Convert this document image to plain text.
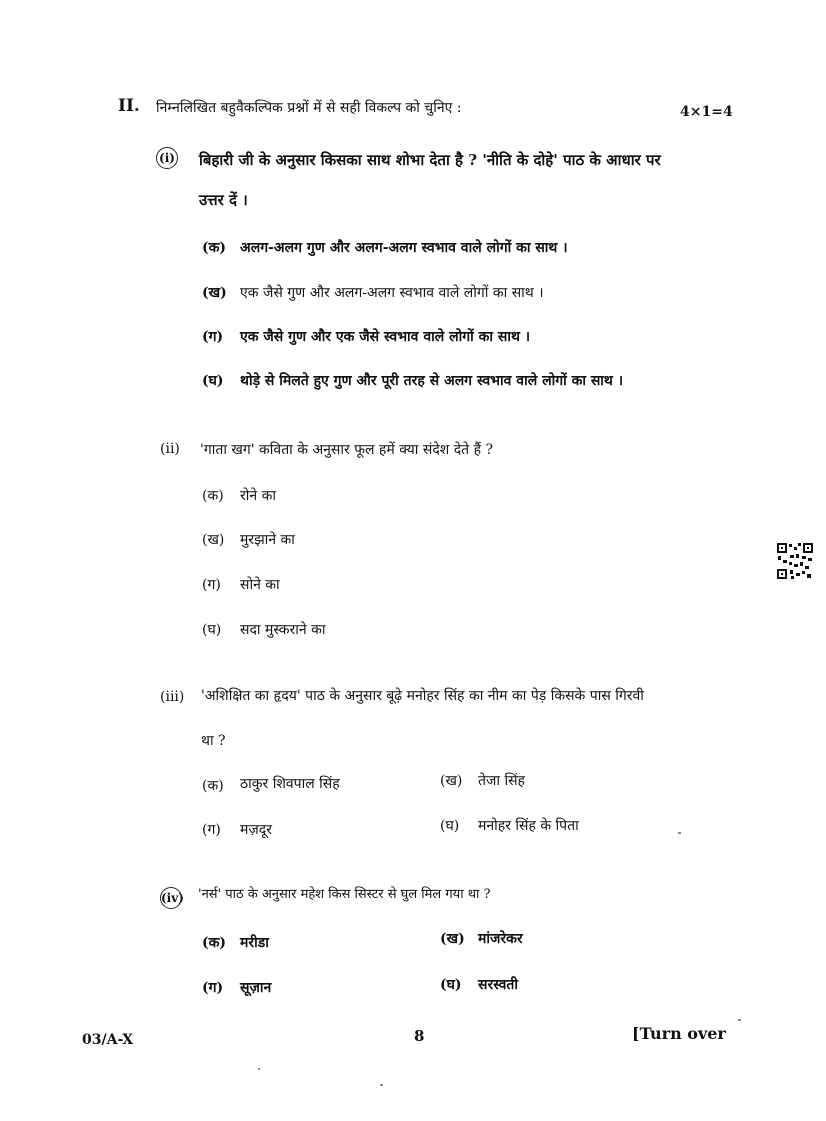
II. निम्नलिखित बहुवैकल्पिक प्रश्नों में से सही विकल्प को चुनिए :	4×1=4
(i) बिहारी जी के अनुसार किसका साथ शोभा देता है ? 'नीति के दोहे' पाठ के आधार पर
उत्तर दें ।
(क) अलग-अलग गुण और अलग-अलग स्वभाव वाले लोगों का साथ ।
(ख) एक जैसे गुण और अलग-अलग स्वभाव वाले लोगों का साथ ।
(ग) एक जैसे गुण और एक जैसे स्वभाव वाले लोगों का साथ ।
(घ) थोड़े से मिलते हुए गुण और पूरी तरह से अलग स्वभाव वाले लोगों का साथ ।
(ii) 'गाता खग' कविता के अनुसार फूल हमें क्या संदेश देते हैं ?
(क) रोने का
(ख) मुरझाने का
(ग) सोने का
(घ) सदा मुस्कराने का
(iii) 'अशिक्षित का हृदय' पाठ के अनुसार बूढ़े मनोहर सिंह का नीम का पेड़ किसके पास गिरवी
था ?
(क) ठाकुर शिवपाल सिंह	(ख) तेजा सिंह
(ग) मज़दूर	(घ) मनोहर सिंह के पिता
(iv) 'नर्स' पाठ के अनुसार महेश किस सिस्टर से घुल मिल गया था ?
(क) मरीडा	(ख) मांजरेकर
(ग) सूज़ान	(घ) सरस्वती
03/A-X	8	[Turn over
